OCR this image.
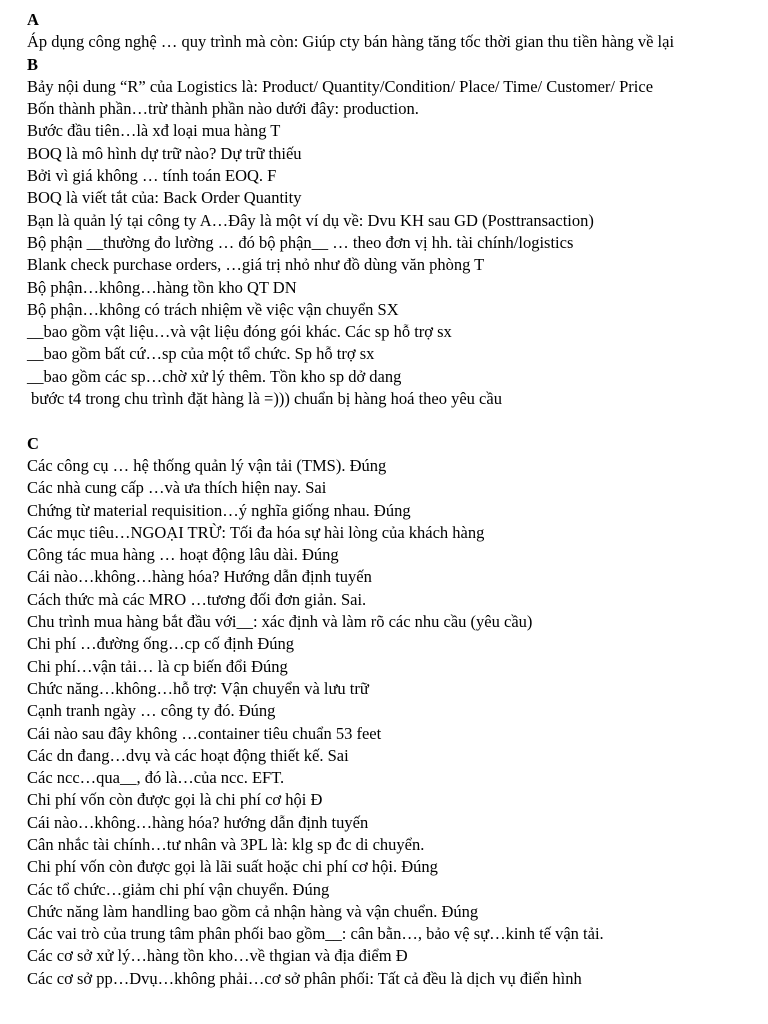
A
Áp dụng công nghệ … quy trình mà còn: Giúp cty bán hàng tăng tốc thời gian thu tiền hàng về lại
B
Bảy nội dung “R” của Logistics là: Product/ Quantity/Condition/ Place/ Time/ Customer/ Price
Bốn thành phần…trừ thành phần nào dưới đây: production.
Bước đầu tiên…là xđ loại mua hàng T
BOQ là mô hình dự trữ nào? Dự trữ thiếu
Bởi vì giá không … tính toán EOQ. F
BOQ là viết tắt của: Back Order Quantity
Bạn là quản lý tại công ty A…Đây là một ví dụ về: Dvu KH sau GD (Posttransaction)
Bộ phận __thường đo lường … đó bộ phận__ … theo đơn vị hh. tài chính/logistics
Blank check purchase orders, …giá trị nhỏ như đồ dùng văn phòng T
Bộ phận…không…hàng tồn kho QT DN
Bộ phận…không có trách nhiệm về việc vận chuyển SX
__bao gồm vật liệu…và vật liệu đóng gói khác. Các sp hỗ trợ sx
__bao gồm bất cứ…sp của một tổ chức. Sp hỗ trợ sx
__bao gồm các sp…chờ xử lý thêm. Tồn kho sp dở dang
bước t4 trong chu trình đặt hàng là =))) chuẩn bị hàng hoá theo yêu cầu
C
Các công cụ … hệ thống quản lý vận tải (TMS). Đúng
Các nhà cung cấp …và ưa thích hiện nay. Sai
Chứng từ material requisition…ý nghĩa giống nhau. Đúng
Các mục tiêu…NGOẠI TRỪ: Tối đa hóa sự hài lòng của khách hàng
Công tác mua hàng … hoạt động lâu dài. Đúng
Cái nào…không…hàng hóa? Hướng dẫn định tuyến
Cách thức mà các MRO …tương đối đơn giản. Sai.
Chu trình mua hàng bắt đầu với__: xác định và làm rõ các nhu cầu (yêu cầu)
Chi phí …đường ống…cp cố định Đúng
Chi phí…vận tải… là cp biến đổi Đúng
Chức năng…không…hỗ trợ: Vận chuyển và lưu trữ
Cạnh tranh ngày … công ty đó. Đúng
Cái nào sau đây không …container tiêu chuẩn 53 feet
Các dn đang…dvụ và các hoạt động thiết kế. Sai
Các ncc…qua__, đó là…của ncc. EFT.
Chi phí vốn còn được gọi là chi phí cơ hội Đ
Cái nào…không…hàng hóa? hướng dẫn định tuyến
Cân nhắc tài chính…tư nhân và 3PL là: klg sp đc di chuyển.
Chi phí vốn còn được gọi là lãi suất hoặc chi phí cơ hội. Đúng
Các tổ chức…giảm chi phí vận chuyển. Đúng
Chức năng làm handling bao gồm cả nhận hàng và vận chuển. Đúng
Các vai trò của trung tâm phân phối bao gồm__: cân bằn…, bảo vệ sự…kinh tế vận tải.
Các cơ sở xử lý…hàng tồn kho…về thgian và địa điểm Đ
Các cơ sở pp…Dvụ…không phải…cơ sở phân phối: Tất cả đều là dịch vụ điển hình
